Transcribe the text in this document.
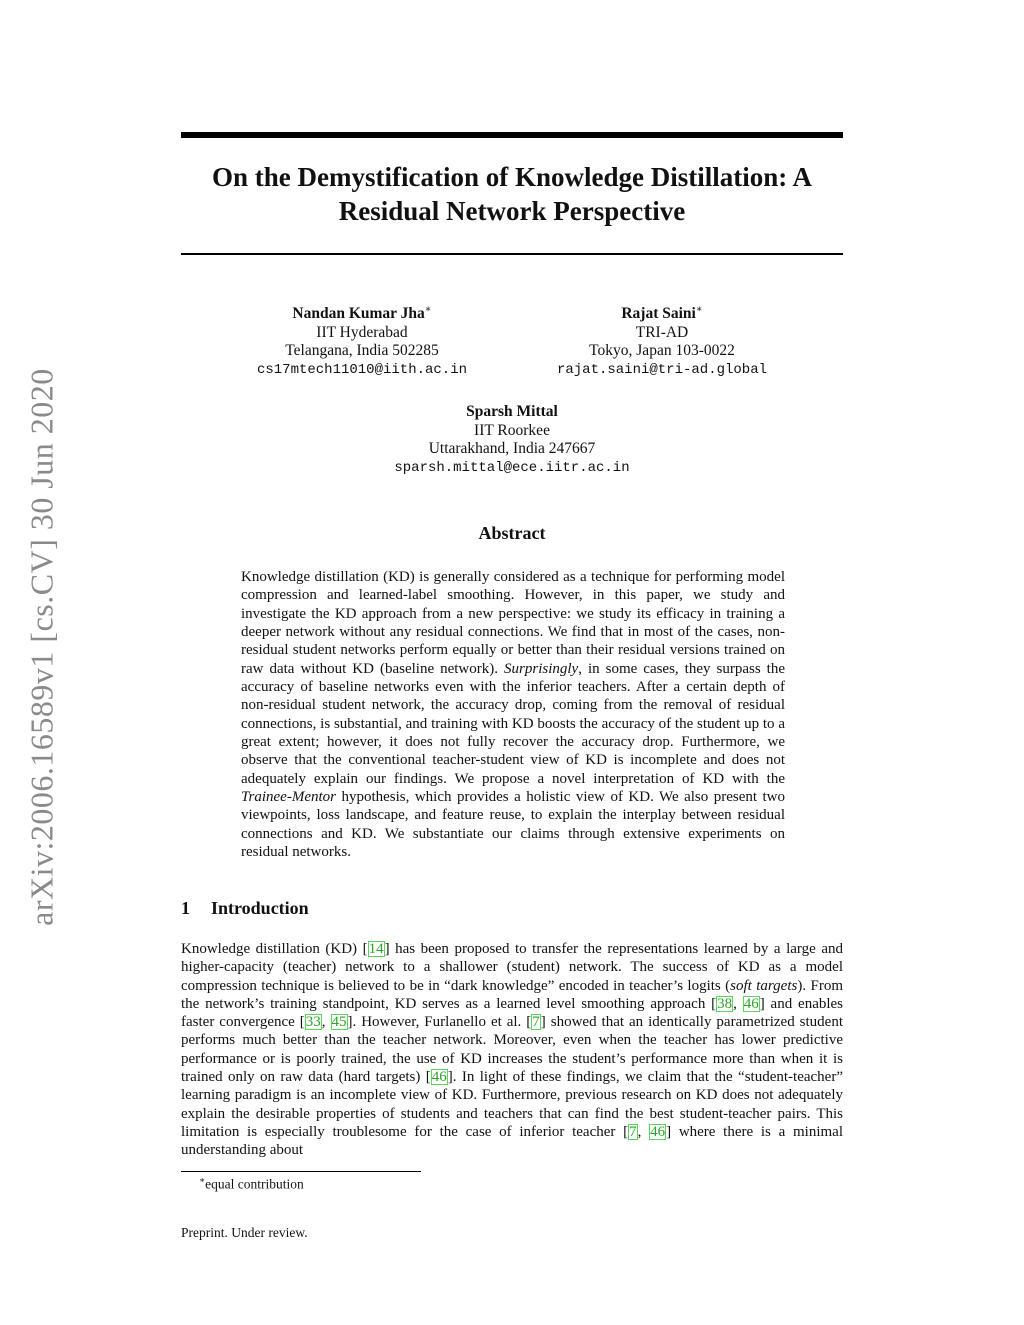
On the Demystification of Knowledge Distillation: A Residual Network Perspective
arXiv:2006.16589v1 [cs.CV] 30 Jun 2020
Nandan Kumar Jha∗
IIT Hyderabad
Telangana, India 502285
cs17mtech11010@iith.ac.in
Rajat Saini∗
TRI-AD
Tokyo, Japan 103-0022
rajat.saini@tri-ad.global
Sparsh Mittal
IIT Roorkee
Uttarakhand, India 247667
sparsh.mittal@ece.iitr.ac.in
Abstract
Knowledge distillation (KD) is generally considered as a technique for performing model compression and learned-label smoothing. However, in this paper, we study and investigate the KD approach from a new perspective: we study its efficacy in training a deeper network without any residual connections. We find that in most of the cases, non-residual student networks perform equally or better than their residual versions trained on raw data without KD (baseline network). Surprisingly, in some cases, they surpass the accuracy of baseline networks even with the inferior teachers. After a certain depth of non-residual student network, the accuracy drop, coming from the removal of residual connections, is substantial, and training with KD boosts the accuracy of the student up to a great extent; however, it does not fully recover the accuracy drop. Furthermore, we observe that the conventional teacher-student view of KD is incomplete and does not adequately explain our findings. We propose a novel interpretation of KD with the Trainee-Mentor hypothesis, which provides a holistic view of KD. We also present two viewpoints, loss landscape, and feature reuse, to explain the interplay between residual connections and KD. We substantiate our claims through extensive experiments on residual networks.
1 Introduction
Knowledge distillation (KD) [14] has been proposed to transfer the representations learned by a large and higher-capacity (teacher) network to a shallower (student) network. The success of KD as a model compression technique is believed to be in “dark knowledge” encoded in teacher’s logits (soft targets). From the network’s training standpoint, KD serves as a learned level smoothing approach [38, 46] and enables faster convergence [33, 45]. However, Furlanello et al. [7] showed that an identically parametrized student performs much better than the teacher network. Moreover, even when the teacher has lower predictive performance or is poorly trained, the use of KD increases the student’s performance more than when it is trained only on raw data (hard targets) [46]. In light of these findings, we claim that the “student-teacher” learning paradigm is an incomplete view of KD. Furthermore, previous research on KD does not adequately explain the desirable properties of students and teachers that can find the best student-teacher pairs. This limitation is especially troublesome for the case of inferior teacher [7, 46] where there is a minimal understanding about
∗equal contribution
Preprint. Under review.
